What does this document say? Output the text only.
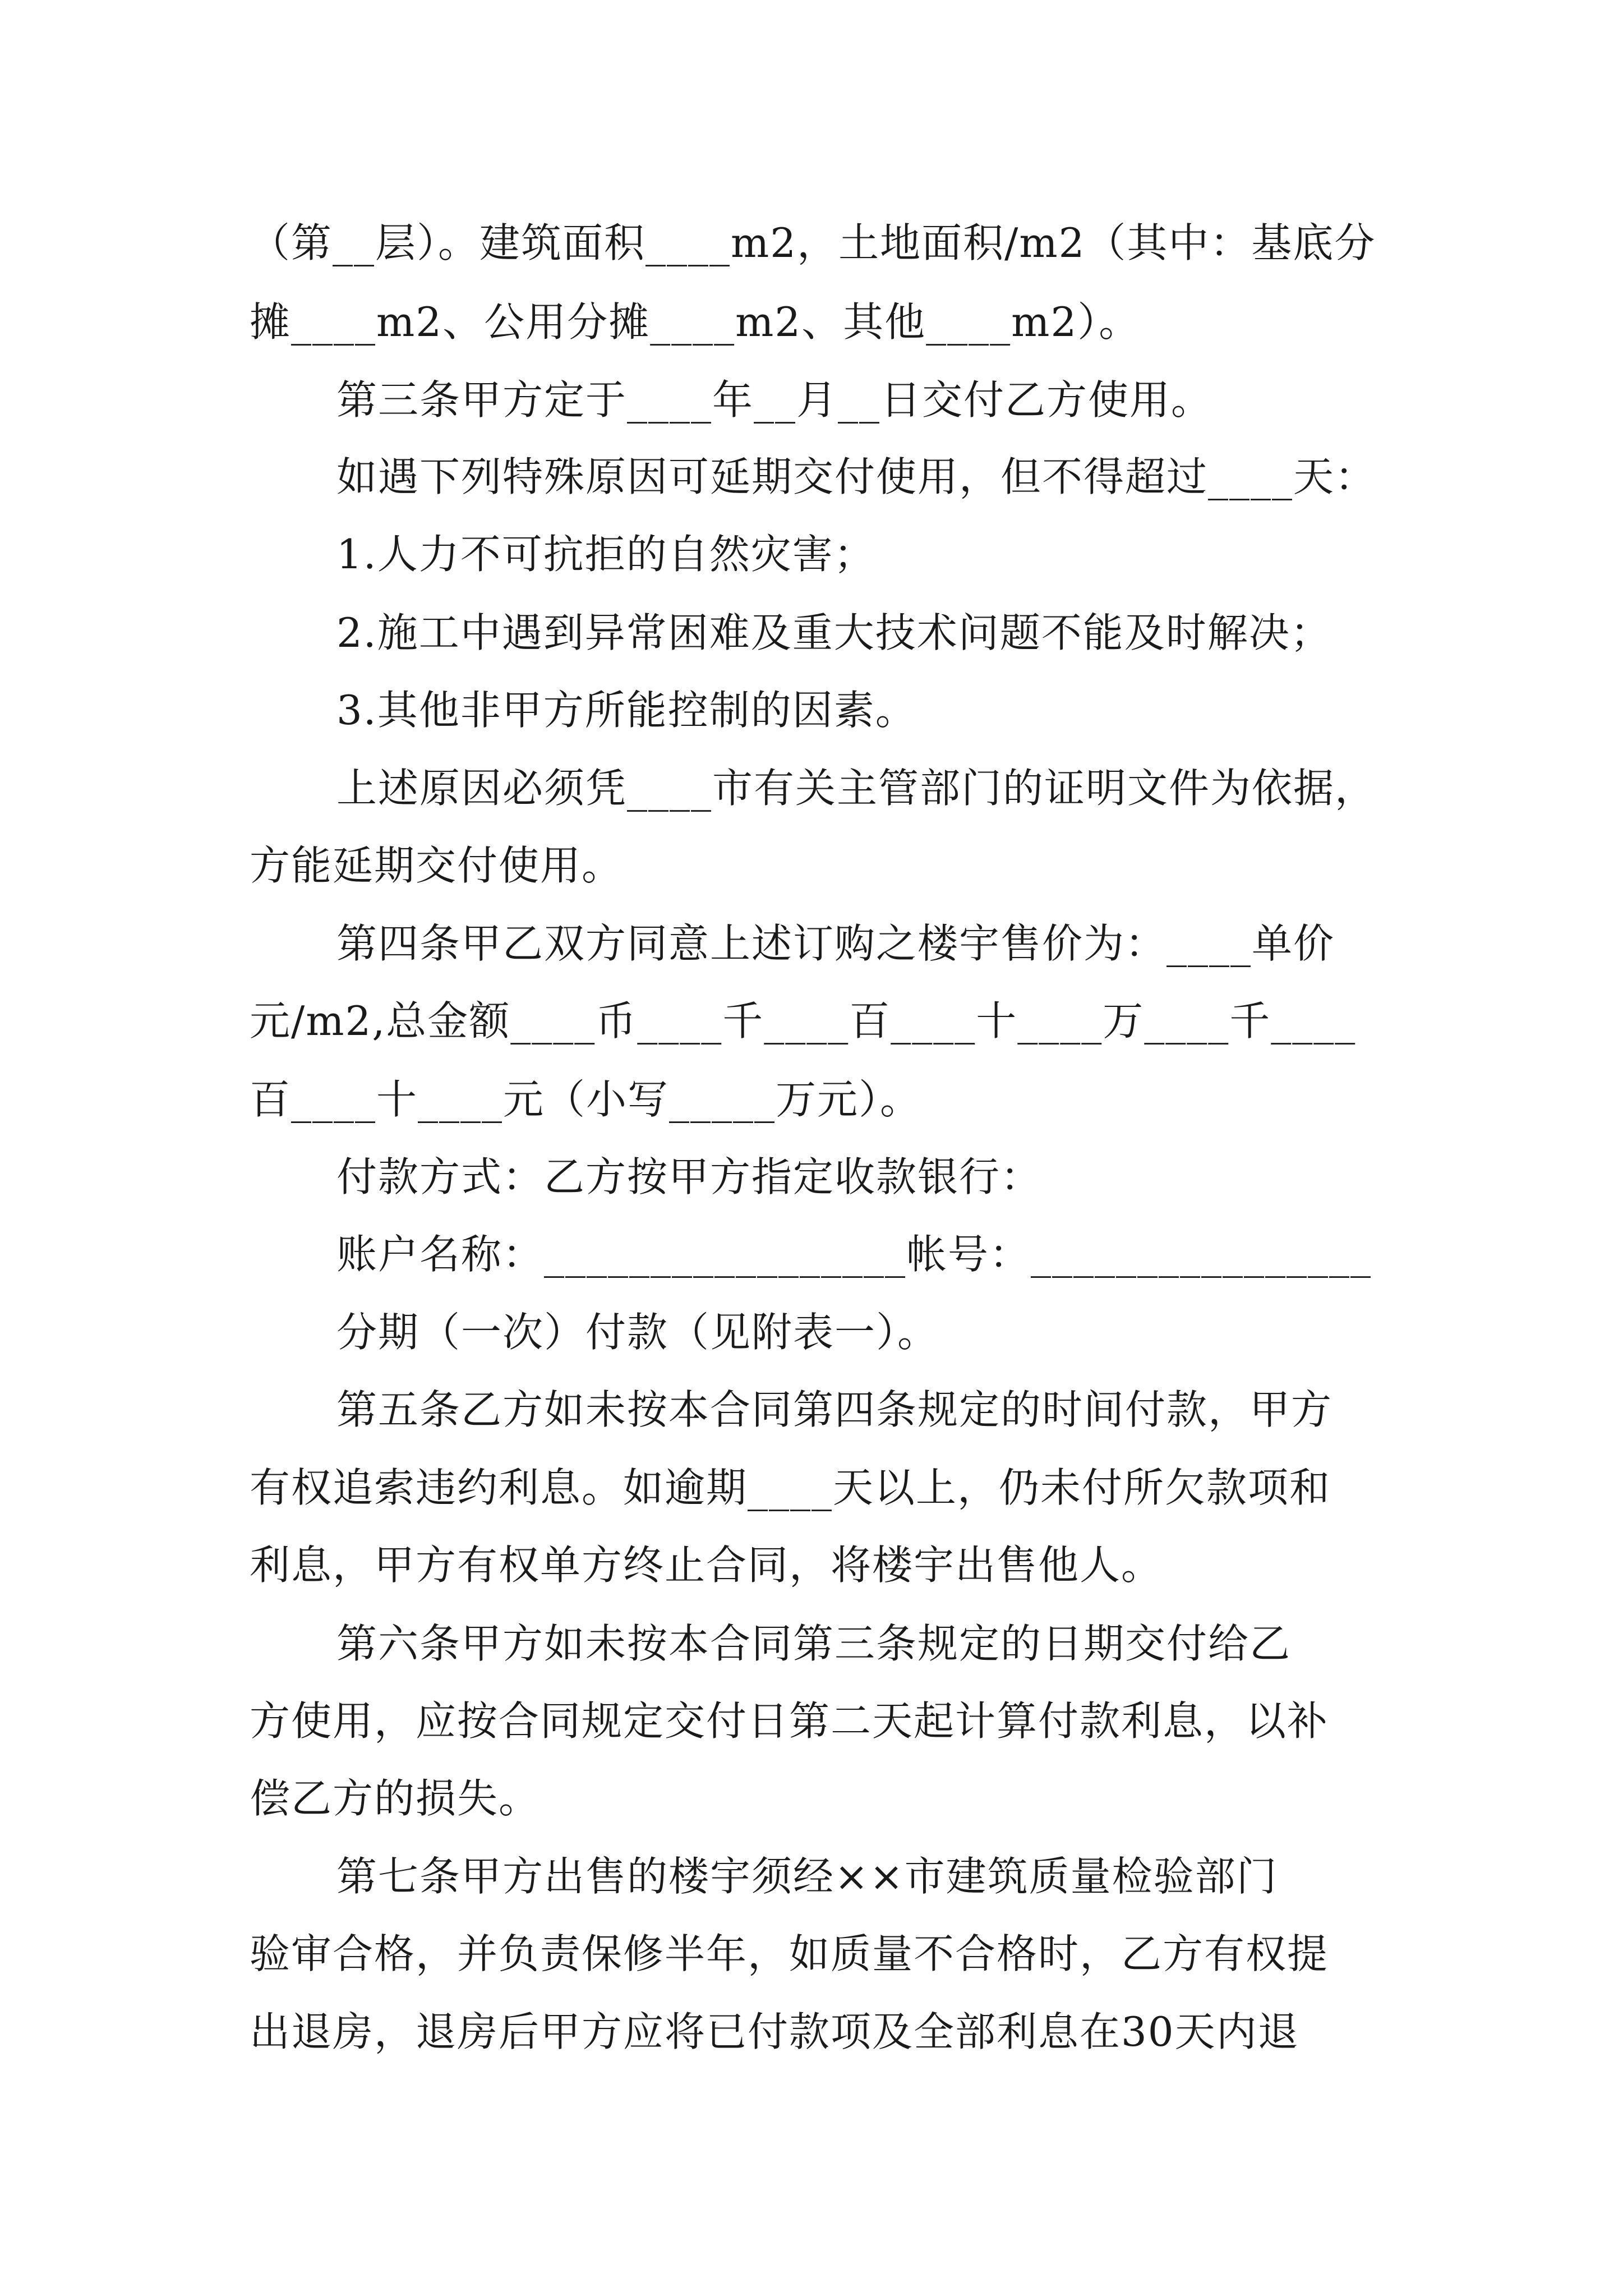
（第__层）。建筑面积____m2，土地面积/m2（其中：基底分

摊____m2、公用分摊____m2、其他____m2）。

第三条甲方定于____年__月__日交付乙方使用。

如遇下列特殊原因可延期交付使用，但不得超过____天：

1.人力不可抗拒的自然灾害；

2.施工中遇到异常困难及重大技术问题不能及时解决；

3.其他非甲方所能控制的因素。

上述原因必须凭____市有关主管部门的证明文件为依据，

方能延期交付使用。

第四条甲乙双方同意上述订购之楼宇售价为：____单价

元/m2,总金额____币____千____百____十____万____千____

百____十____元（小写_____万元）。

付款方式：乙方按甲方指定收款银行：

账户名称：_________________帐号：________________

分期（一次）付款（见附表一）。

第五条乙方如未按本合同第四条规定的时间付款，甲方

有权追索违约利息。如逾期____天以上，仍未付所欠款项和

利息，甲方有权单方终止合同，将楼宇出售他人。

第六条甲方如未按本合同第三条规定的日期交付给乙

方使用，应按合同规定交付日第二天起计算付款利息，以补

偿乙方的损失。

第七条甲方出售的楼宇须经××市建筑质量检验部门

验审合格，并负责保修半年，如质量不合格时，乙方有权提

出退房，退房后甲方应将已付款项及全部利息在30天内退
